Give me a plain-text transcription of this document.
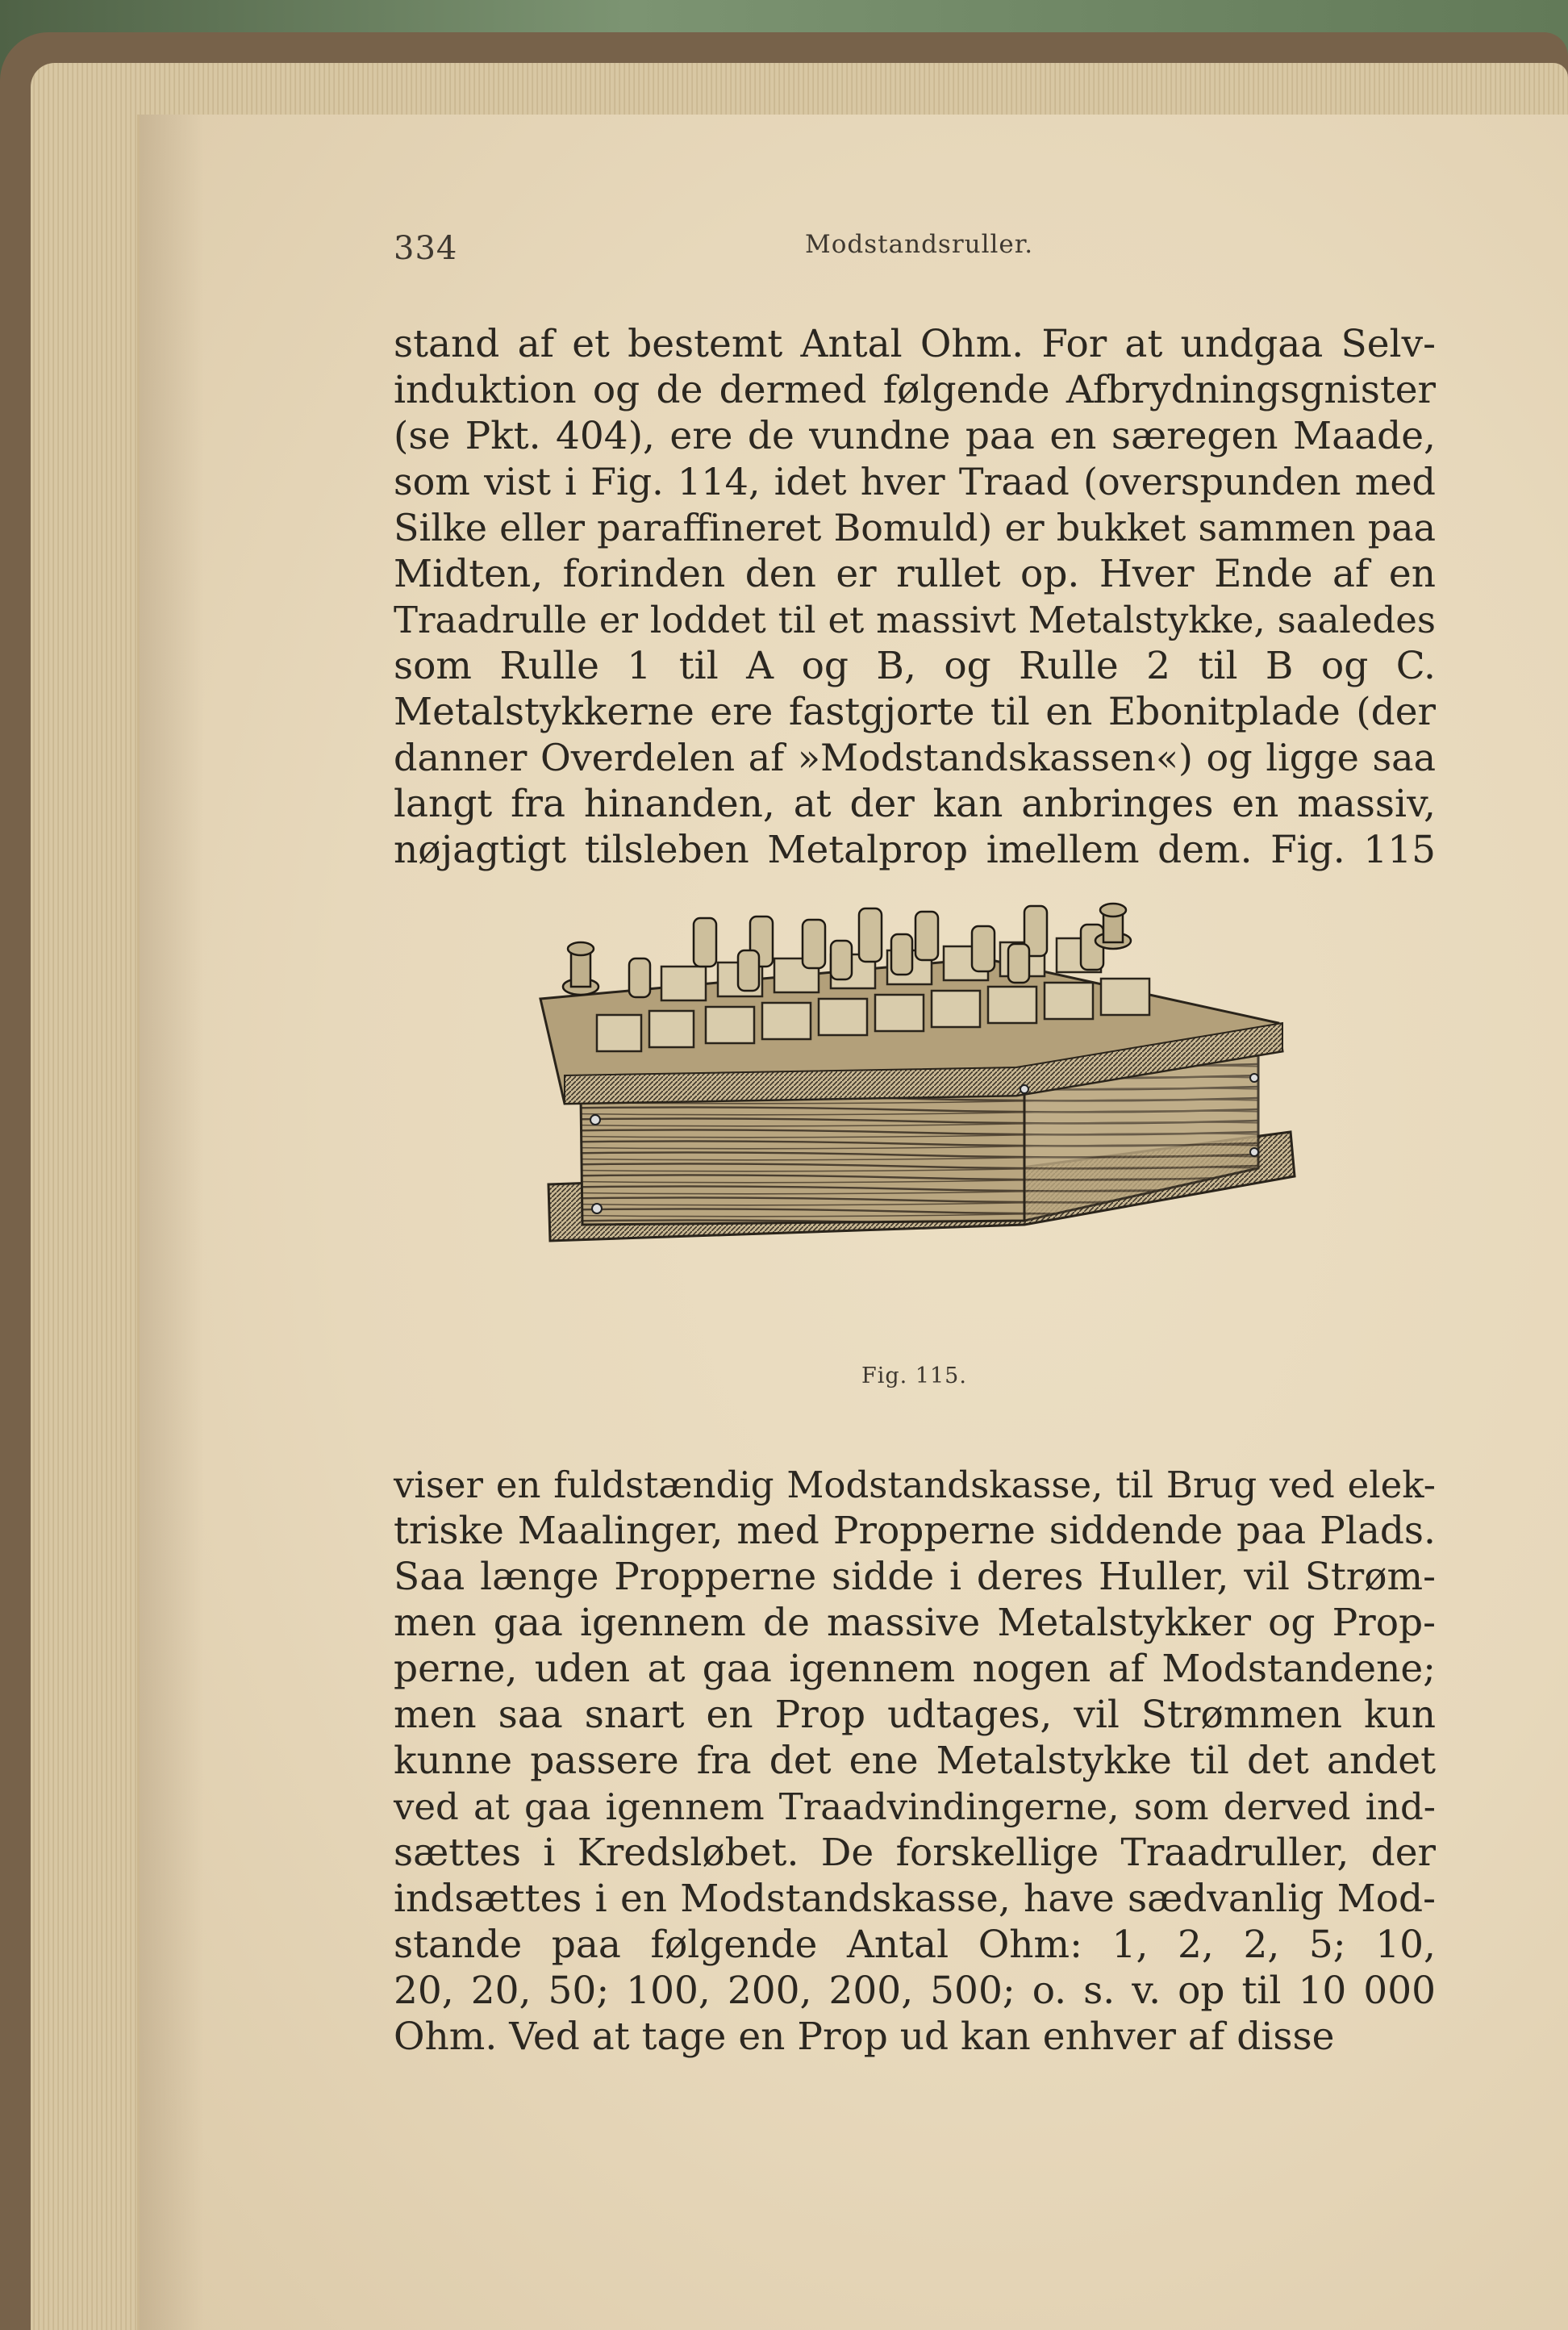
334	Modstandsruller.
stand af et bestemt Antal Ohm. For at undgaa Selv-
induktion og de dermed følgende Afbrydningsgnister
(se Pkt. 404), ere de vundne paa en særegen Maade,
som vist i Fig. 114, idet hver Traad (overspunden med
Silke eller paraffineret Bomuld) er bukket sammen paa
Midten, forinden den er rullet op. Hver Ende af en
Traadrulle er loddet til et massivt Metalstykke, saaledes
som Rulle 1 til A og B, og Rulle 2 til B og C.
Metalstykkerne ere fastgjorte til en Ebonitplade (der
danner Overdelen af »Modstandskassen«) og ligge saa
langt fra hinanden, at der kan anbringes en massiv,
nøjagtigt tilsleben Metalprop imellem dem. Fig. 115
Fig. 115.
viser en fuldstændig Modstandskasse, til Brug ved elek-
triske Maalinger, med Propperne siddende paa Plads.
Saa længe Propperne sidde i deres Huller, vil Strøm-
men gaa igennem de massive Metalstykker og Prop-
perne, uden at gaa igennem nogen af Modstandene;
men saa snart en Prop udtages, vil Strømmen kun
kunne passere fra det ene Metalstykke til det andet
ved at gaa igennem Traadvindingerne, som derved ind-
sættes i Kredsløbet. De forskellige Traadruller, der
indsættes i en Modstandskasse, have sædvanlig Mod-
stande paa følgende Antal Ohm: 1, 2, 2, 5; 10,
20, 20, 50; 100, 200, 200, 500; o. s. v. op til 10 000
Ohm. Ved at tage en Prop ud kan enhver af disse
